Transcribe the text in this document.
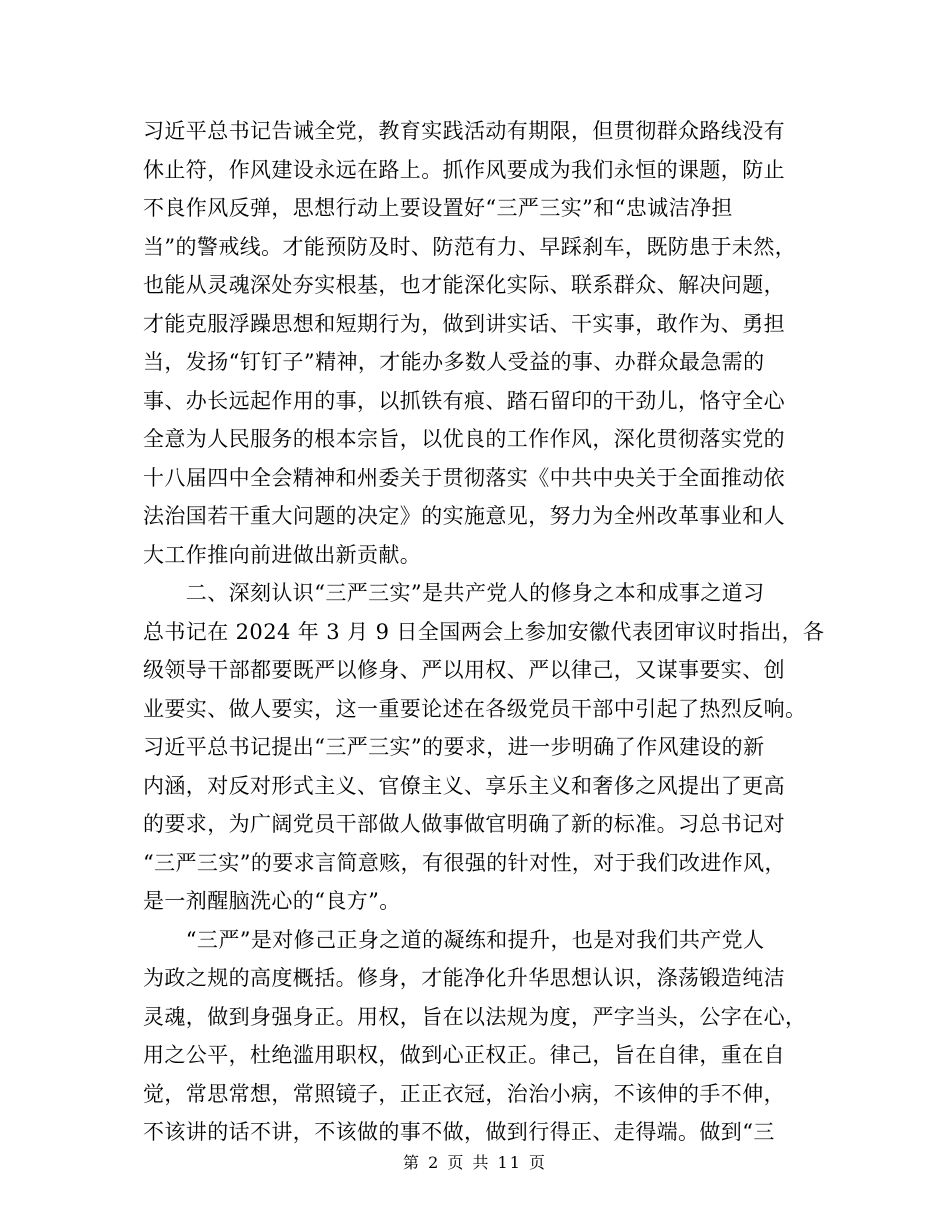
习近平总书记告诫全党，教育实践活动有期限，但贯彻群众路线没有
休止符，作风建设永远在路上。抓作风要成为我们永恒的课题，防止
不良作风反弹，思想行动上要设置好“三严三实”和“忠诚洁净担
当”的警戒线。才能预防及时、防范有力、早踩刹车，既防患于未然，
也能从灵魂深处夯实根基，也才能深化实际、联系群众、解决问题，
才能克服浮躁思想和短期行为，做到讲实话、干实事，敢作为、勇担
当，发扬“钉钉子”精神，才能办多数人受益的事、办群众最急需的
事、办长远起作用的事，以抓铁有痕、踏石留印的干劲儿，恪守全心
全意为人民服务的根本宗旨，以优良的工作作风，深化贯彻落实党的
十八届四中全会精神和州委关于贯彻落实《中共中央关于全面推动依
法治国若干重大问题的决定》的实施意见，努力为全州改革事业和人
大工作推向前进做出新贡献。
　　二、深刻认识“三严三实”是共产党人的修身之本和成事之道习
总书记在 2024 年 3 月 9 日全国两会上参加安徽代表团审议时指出，各
级领导干部都要既严以修身、严以用权、严以律己，又谋事要实、创
业要实、做人要实，这一重要论述在各级党员干部中引起了热烈反响。
习近平总书记提出“三严三实”的要求，进一步明确了作风建设的新
内涵，对反对形式主义、官僚主义、享乐主义和奢侈之风提出了更高
的要求，为广阔党员干部做人做事做官明确了新的标准。习总书记对
“三严三实”的要求言简意赅，有很强的针对性，对于我们改进作风，
是一剂醒脑洗心的“良方”。
　　“三严”是对修己正身之道的凝练和提升，也是对我们共产党人
为政之规的高度概括。修身，才能净化升华思想认识，涤荡锻造纯洁
灵魂，做到身强身正。用权，旨在以法规为度，严字当头，公字在心，
用之公平，杜绝滥用职权，做到心正权正。律己，旨在自律，重在自
觉，常思常想，常照镜子，正正衣冠，治治小病，不该伸的手不伸，
不该讲的话不讲，不该做的事不做，做到行得正、走得端。做到“三
第 2 页 共 11 页
